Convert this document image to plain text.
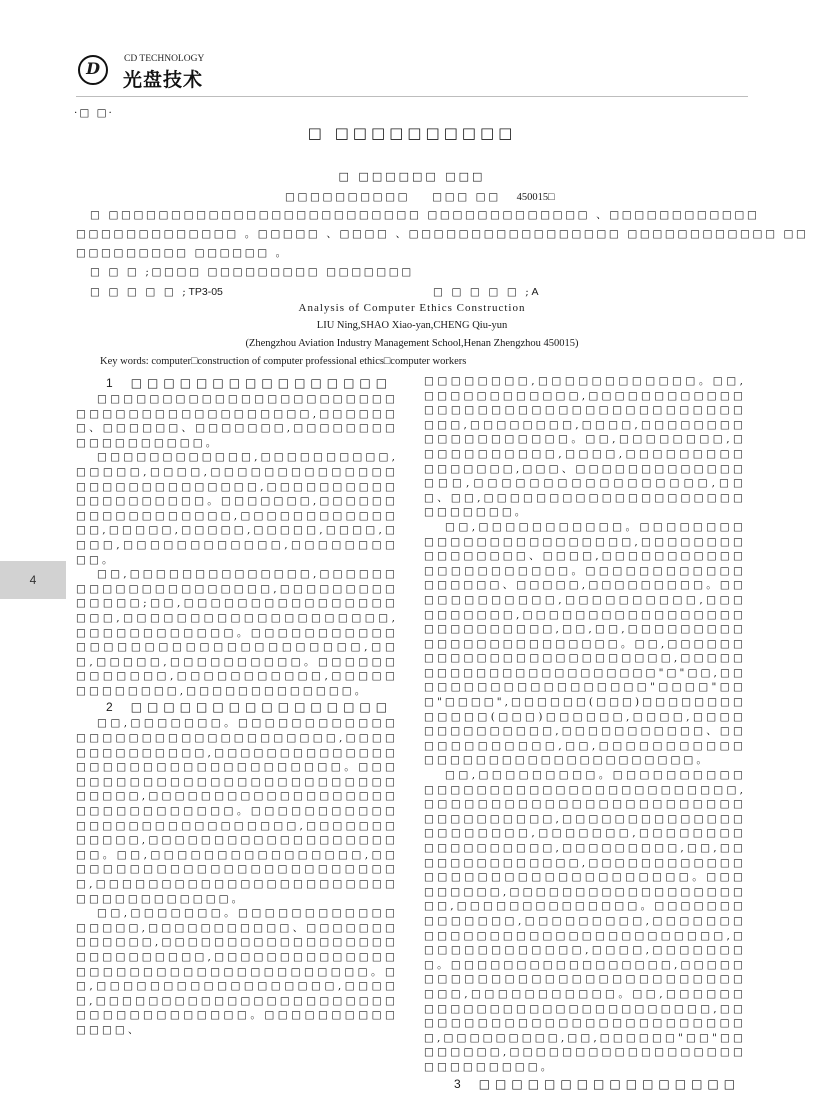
D	CD TECHNOLOGY
光盘技术
·□ □·
□ □□□□□□□□□□
□ □□□□□□ □□□
□□□□□□□□□□ □□□ □□ 450015□
□ □□□□□□□□□□□□□□□□□□□□□□□□□ □□□□□□□□□□□□□ 、□□□□□□□□□□□□
□□□□□□□□□□□□□ 。□□□□□ 、□□□□ 、□□□□□□□□□□□□□□□□□ □□□□□□□□□□□□ □□
□□□□□□□□□ □□□□□□ 。
□ □ □ ;□□□□ □□□□□□□□□ □□□□□□□
□ □ □ □ □ ;TP3-05	□ □ □ □ □ ;A
Analysis of Computer Ethics Construction
LIU Ning,SHAO Xiao-yan,CHENG Qiu-yun
(Zhengzhou Aviation Industry Management School,Henan Zhengzhou 450015)
Key words: computer□construction of computer professional ethics□computer workers
4
1 □□□□□□□□□□□□□□□□

□□□□□□□□□□□□□□□□□□□□□□□□□□□□□□□□□□□□□□□□□,□□□□□□□、□□□□□□、□□□□□□□,□□□□□□□□□□□□□□□□□□。

□□□□□□□□□□□□,□□□□□□□□□□,□□□□□,□□□□,□□□□□□□□□□□□□□□□□□□□□□□□□□□□,□□□□□□□□□□□□□□□□□□□□。□□□□□□□,□□□□□□□□□□□□□□□□□□,□□□□□□□□□□□□□□,□□□□□,□□□□□,□□□□□,□□□□,□□□□,□□□□□□□□□□□□,□□□□□□□□□□。

□□,□□□□□□□□□□□□□□,□□□□□□□□□□□□□□□□□□□□□,□□□□□□□□□□□□□□;□□,□□□□□□□□□□□□□□□□□□□,□□□□□□□□□□□□□□□□□□□□,□□□□□□□□□□□□。□□□□□□□□□□□□□□□□□□□□□□□□□□□□□□□□,□□□,□□□□□,□□□□□□□□□□。□□□□□□□□□□□□□,□□□□□□□□□□□,□□□□□□□□□□□□□,□□□□□□□□□□□□□。

2 □□□□□□□□□□□□□□□□

□□,□□□□□□□。□□□□□□□□□□□□□□□□□□□□□□□□□□□□□□□□,□□□□□□□□□□□□□□,□□□□□□□□□□□□□□□□□□□□□□□□□□□□□□□□□□。□□□□□□□□□□□□□□□□□□□□□□□□□□□□□□□□,□□□□□□□□□□□□□□□□□□□□□□□□□□□□□□□。□□□□□□□□□□□□□□□□□□□□□□□□□□□□,□□□□□□□□□□□□,□□□□□□□□□□□□□□□□□□□□□。□□,□□□□□□□□□□□□□□□□,□□□□□□□□□□□□□□□□□□□□□□□□□□□,□□□□□□□□□□□□□□□□□□□□□□□□□□□□□□□□□□□。

□□,□□□□□□□。□□□□□□□□□□□□□□□□□,□□□□□□□□□□□、□□□□□□□□□□□□□,□□□□□□□□□□□□□□□□□□□□□□□□□□□□,□□□□□□□□□□□□□□□□□□□□□□□□□□□□□□□□□□□□。□□,□□□□□□□□□□□□□□□□□□,□□□□□,□□□□□□□□□□□□□□□□□□□□□□□□□□□□□□□□□□□□。□□□□□□□□□□□□□□、

□□□□□□□□,□□□□□□□□□□□□。□□,□□□□□□□□□□□□,□□□□□□□□□□□□□□□□□□□□□□□□□□□□□□□□□□□□□□□,□□□□□□□□,□□□□,□□□□□□□□□□□□□□□□□□□。□□,□□□□□□□□,□□□□□□□□□□□,□□□□,□□□□□□□□□□□□□□□□,□□□、□□□□□□□□□□□□□□□□,□□□□□□□□□□□□□□□□□,□□□、□□,□□□□□□□□□□□□□□□□□□□□□□□□□□□。

□□,□□□□□□□□□□□。□□□□□□□□□□□□□□□□□□□□□□□□,□□□□□□□□□□□□□□□□、□□□□,□□□□□□□□□□□□□□□□□□□□□□。□□□□□□□□□□□□□□□□□□、□□□□□,□□□□□□□□□。□□□□□□□□□□□□,□□□□□□□□□□,□□□□□□□□□□,□□□□□□□□□□□□□□□□□□□□□□□□□□□,□□,□□,□□□□□□□□□□□□□□□□□□□□□□□□。□□,□□□□□□□□□□□□□□□□□□□□□□□□□,□□□□□□□□□□□□□□□□□□□□□□□"□"□□,□□□□□□□□□□□□□□□□□□□"□□□□"□□□"□□□□",□□□□□□(□□□)□□□□□□□□□□□□□(□□□)□□□□□□,□□□□,□□□□□□□□□□□□□□,□□□□□□□□□□□、□□□□□□□□□□□□,□□,□□□□□□□□□□□□□□□□□□□□□□□□□□□□□□□□。

□□,□□□□□□□□□。□□□□□□□□□□□□□□□□□□□□□□□□□□□□□□□□□□,□□□□□□□□□□□□□□□□□□□□□□□□□□□□□□□□□□,□□□□□□□□□□□□□□□□□□□□□□,□□□□□□□,□□□□□□□□□□□□□□□□□□,□□□□□□□□□,□□,□□□□□□□□□□□□□□,□□□□□□□□□□□□□□□□□□□□□□□□□□□□□□□□。□□□□□□□□□,□□□□□□□□□□□□□□□□□□□□,□□□□□□□□□□□□□□。□□□□□□□□□□□□□□,□□□□□□□□□,□□□□□□□□□□□□□□□□□□□□□□□□□□□□□□,□□□□□□□□□□□□□,□□□□,□□□□□□□□。□□□□□□□□□□□□□□□□□,□□□□□□□□□□□□□□□□□□□□□□□□□□□□□□□□,□□□□□□□□□□□。□□,□□□□□□□□□□□□□□□□□□□□□□□□□□□□,□□□□□□□□□□□□□□□□□□□□□□□□□□□,□□□□□□□□□,□□,□□□□□□"□□"□□□□□□□□,□□□□□□□□□□□□□□□□□□□□□□□□□□□。

3 □□□□□□□□□□□□□□□□
